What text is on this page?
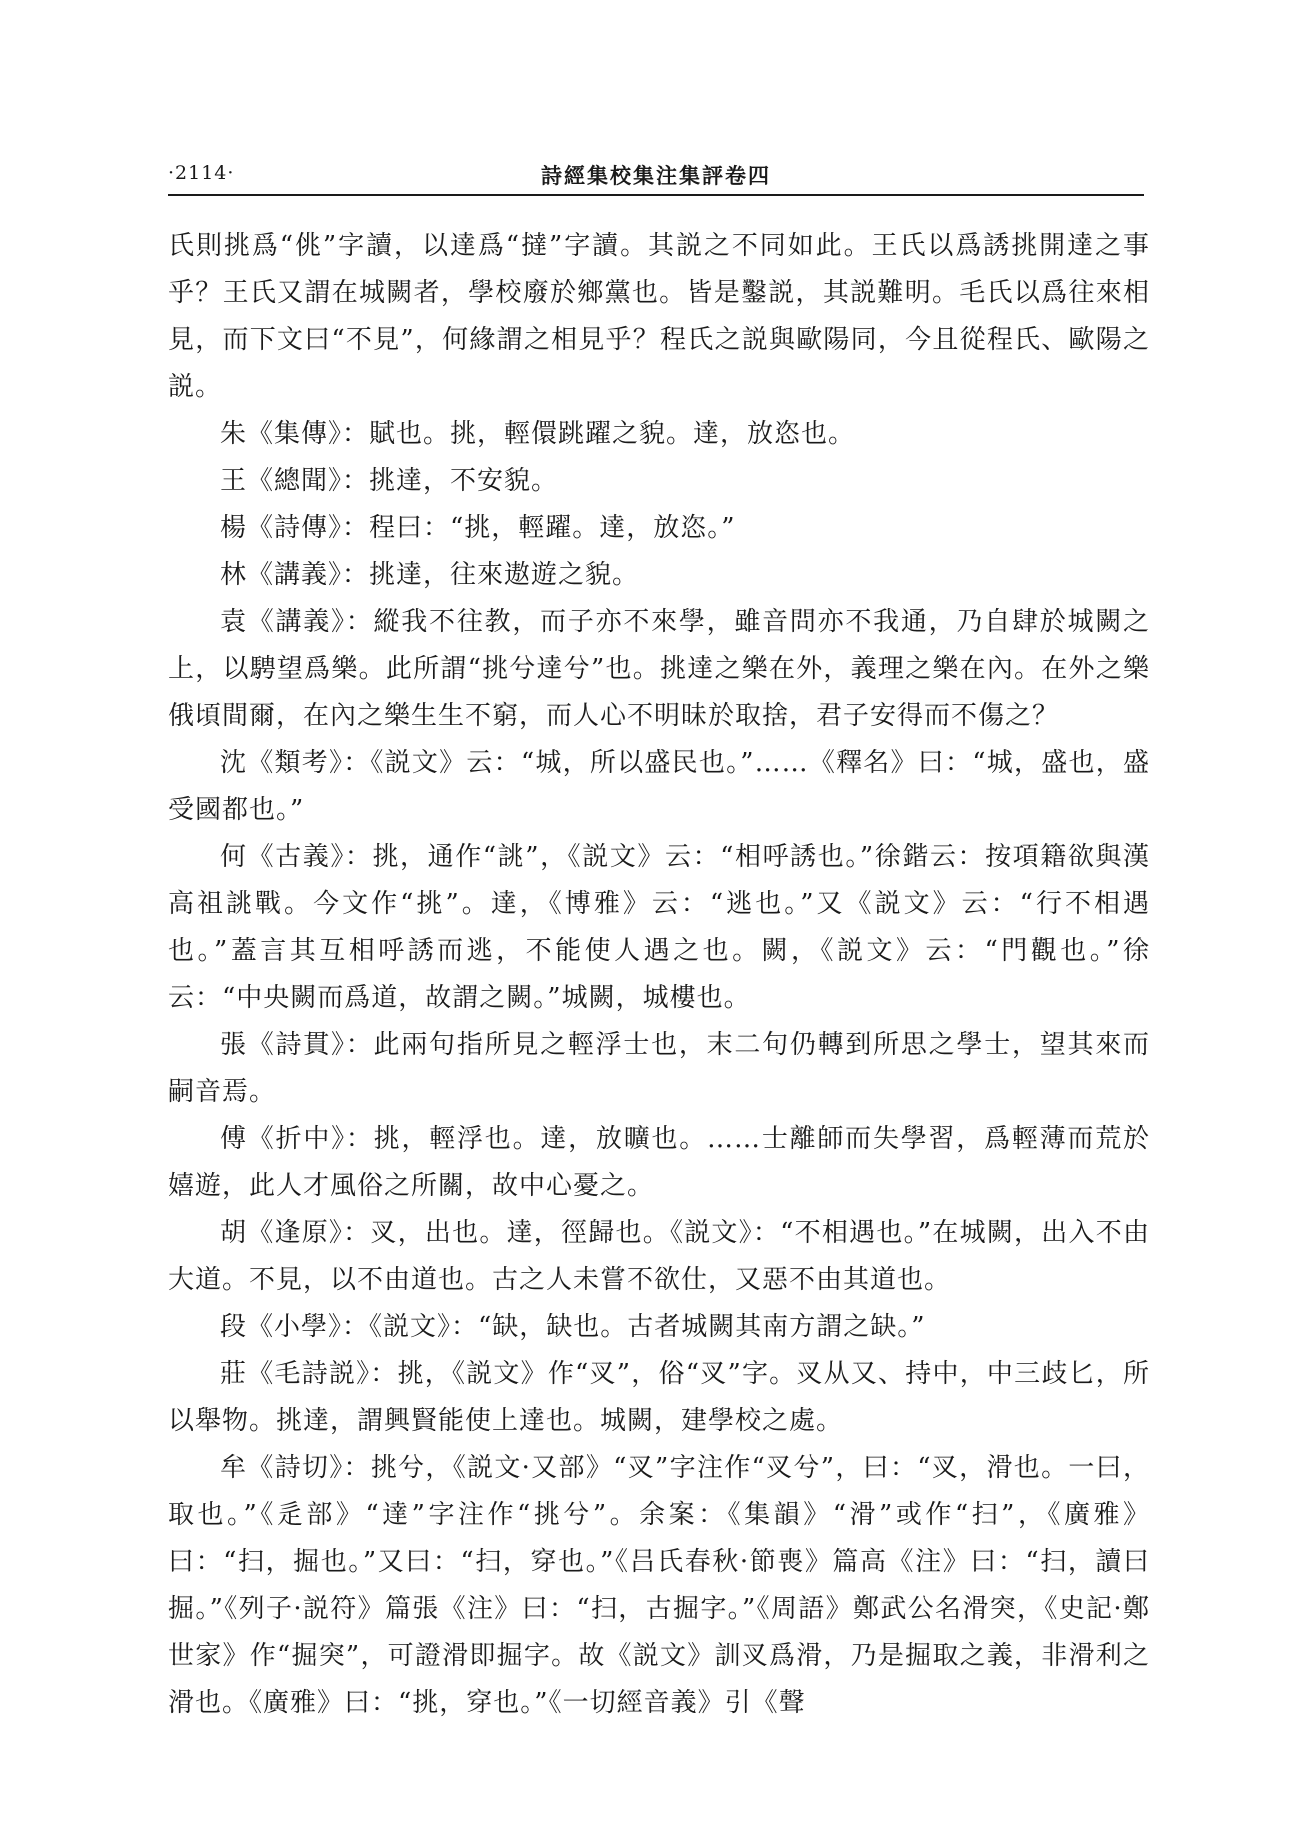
·2114·	詩經集校集注集評卷四

氏則挑爲“佻”字讀，以達爲“撻”字讀。其説之不同如此。王氏以爲誘挑開達之事乎？王氏又謂在城闕者，學校廢於鄉黨也。皆是鑿説，其説難明。毛氏以爲往來相見，而下文曰“不見”，何緣謂之相見乎？程氏之説與歐陽同，今且從程氏、歐陽之説。

朱《集傳》：賦也。挑，輕儇跳躍之貌。達，放恣也。

王《總聞》：挑達，不安貌。

楊《詩傳》：程曰：“挑，輕躍。達，放恣。”

林《講義》：挑達，往來遨遊之貌。

袁《講義》：縱我不往教，而子亦不來學，雖音問亦不我通，乃自肆於城闕之上，以騁望爲樂。此所謂“挑兮達兮”也。挑達之樂在外，義理之樂在內。在外之樂俄頃間爾，在內之樂生生不窮，而人心不明昧於取捨，君子安得而不傷之？

沈《類考》：《説文》云：“城，所以盛民也。”……《釋名》曰：“城，盛也，盛受國都也。”

何《古義》：挑，通作“誂”，《説文》云：“相呼誘也。”徐鍇云：按項籍欲與漢高祖誂戰。今文作“挑”。達，《博雅》云：“逃也。”又《説文》云：“行不相遇也。”蓋言其互相呼誘而逃，不能使人遇之也。闕，《説文》云：“門觀也。”徐云：“中央闕而爲道，故謂之闕。”城闕，城樓也。

張《詩貫》：此兩句指所見之輕浮士也，末二句仍轉到所思之學士，望其來而嗣音焉。

傅《折中》：挑，輕浮也。達，放曠也。……士離師而失學習，爲輕薄而荒於嬉遊，此人才風俗之所關，故中心憂之。

胡《逢原》：㕚，出也。達，徑歸也。《説文》：“不相遇也。”在城闕，出入不由大道。不見，以不由道也。古之人未嘗不欲仕，又惡不由其道也。

段《小學》：《説文》：“缺，缺也。古者城闕其南方謂之缺。”

莊《毛詩説》：挑，《説文》作“㕚”，俗“㕚”字。㕚从又、持中，中三歧匕，所以舉物。挑達，謂興賢能使上達也。城闕，建學校之處。

牟《詩切》：挑兮，《説文·又部》“㕚”字注作“㕚兮”，曰：“㕚，滑也。一曰，取也。”《辵部》“達”字注作“挑兮”。余案：《集韻》“滑”或作“扫”，《廣雅》曰：“扫，掘也。”又曰：“扫，穿也。”《吕氏春秋·節喪》篇高《注》曰：“扫，讀曰掘。”《列子·説符》篇張《注》曰：“扫，古掘字。”《周語》鄭武公名滑突，《史記·鄭世家》作“掘突”，可證滑即掘字。故《説文》訓㕚爲滑，乃是掘取之義，非滑利之滑也。《廣雅》曰：“挑，穿也。”《一切經音義》引《聲
